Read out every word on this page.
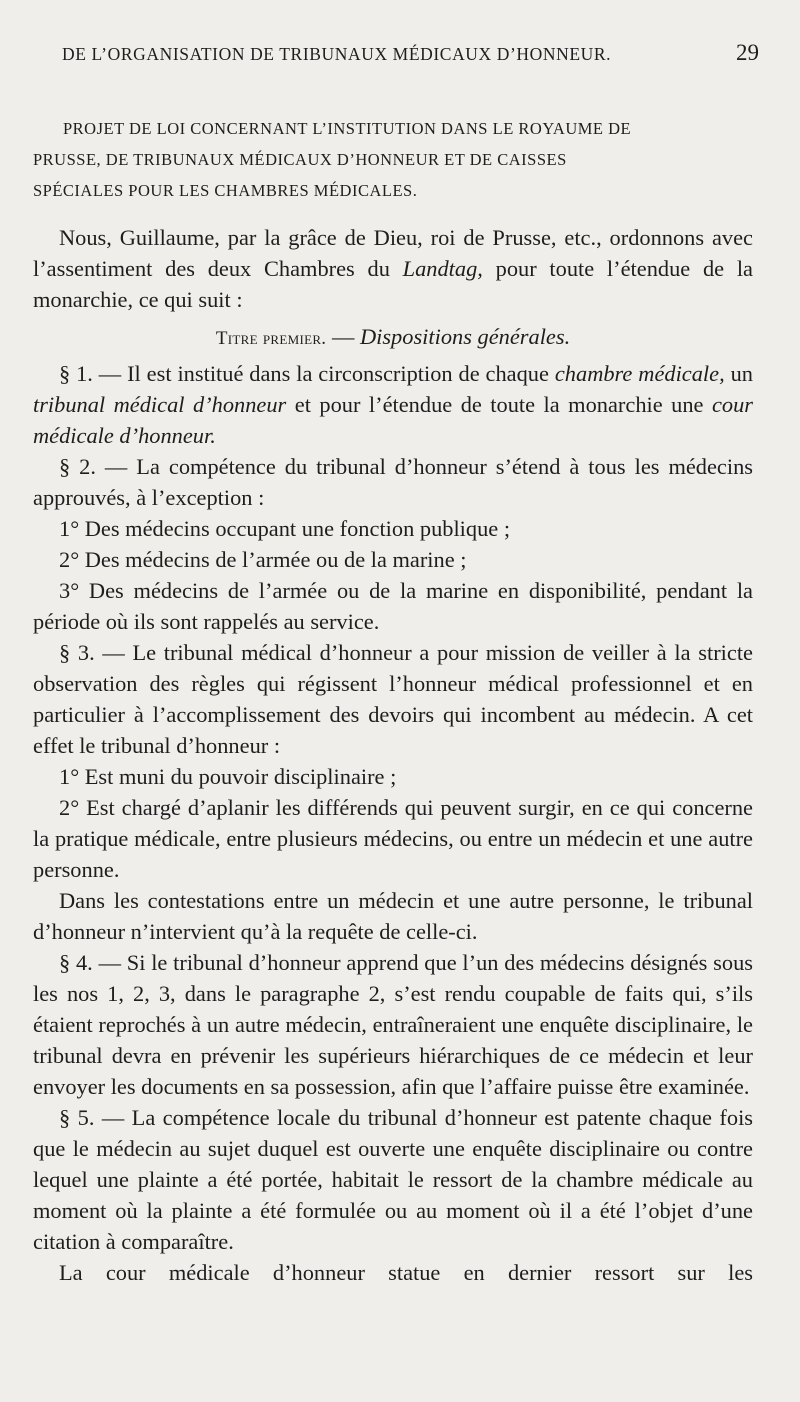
DE L’ORGANISATION DE TRIBUNAUX MÉDICAUX D’HONNEUR.	29
PROJET DE LOI CONCERNANT L’INSTITUTION DANS LE ROYAUME DE
PRUSSE, DE TRIBUNAUX MÉDICAUX D’HONNEUR ET DE CAISSES
SPÉCIALES POUR LES CHAMBRES MÉDICALES.

Nous, Guillaume, par la grâce de Dieu, roi de Prusse, etc., ordonnons avec l’assentiment des deux Chambres du Landtag, pour toute l’étendue de la monarchie, ce qui suit :

Titre premier. — Dispositions générales.

§ 1. — Il est institué dans la circonscription de chaque chambre médicale, un tribunal médical d’honneur et pour l’étendue de toute la monarchie une cour médicale d’honneur.

§ 2. — La compétence du tribunal d’honneur s’étend à tous les médecins approuvés, à l’exception :

1° Des médecins occupant une fonction publique ;

2° Des médecins de l’armée ou de la marine ;

3° Des médecins de l’armée ou de la marine en disponibilité, pendant la période où ils sont rappelés au service.

§ 3. — Le tribunal médical d’honneur a pour mission de veiller à la stricte observation des règles qui régissent l’honneur médical professionnel et en particulier à l’accomplissement des devoirs qui incombent au médecin. A cet effet le tribunal d’honneur :

1° Est muni du pouvoir disciplinaire ;

2° Est chargé d’aplanir les différends qui peuvent surgir, en ce qui concerne la pratique médicale, entre plusieurs médecins, ou entre un médecin et une autre personne.

Dans les contestations entre un médecin et une autre personne, le tribunal d’honneur n’intervient qu’à la requête de celle-ci.

§ 4. — Si le tribunal d’honneur apprend que l’un des médecins désignés sous les nos 1, 2, 3, dans le paragraphe 2, s’est rendu coupable de faits qui, s’ils étaient reprochés à un autre médecin, entraîneraient une enquête disciplinaire, le tribunal devra en prévenir les supérieurs hiérarchiques de ce médecin et leur envoyer les documents en sa possession, afin que l’affaire puisse être examinée.

§ 5. — La compétence locale du tribunal d’honneur est patente chaque fois que le médecin au sujet duquel est ouverte une enquête disciplinaire ou contre lequel une plainte a été portée, habitait le ressort de la chambre médicale au moment où la plainte a été formulée ou au moment où il a été l’objet d’une citation à comparaître.

La cour médicale d’honneur statue en dernier ressort sur les
